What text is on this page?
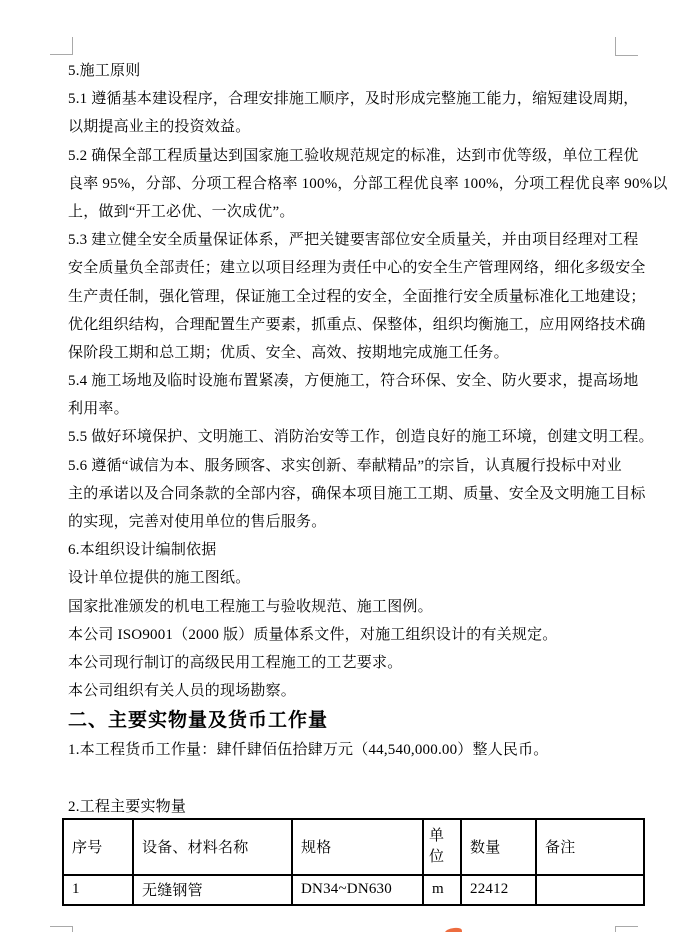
5.施工原则
5.1 遵循基本建设程序，合理安排施工顺序，及时形成完整施工能力，缩短建设周期，
以期提高业主的投资效益。
5.2 确保全部工程质量达到国家施工验收规范规定的标准，达到市优等级，单位工程优
良率 95%，分部、分项工程合格率 100%，分部工程优良率 100%，分项工程优良率 90%以
上，做到“开工必优、一次成优”。
5.3 建立健全安全质量保证体系，严把关键要害部位安全质量关，并由项目经理对工程
安全质量负全部责任；建立以项目经理为责任中心的安全生产管理网络，细化多级安全
生产责任制，强化管理，保证施工全过程的安全，全面推行安全质量标准化工地建设；
优化组织结构，合理配置生产要素，抓重点、保整体，组织均衡施工，应用网络技术确
保阶段工期和总工期；优质、安全、高效、按期地完成施工任务。
5.4 施工场地及临时设施布置紧凑，方便施工，符合环保、安全、防火要求，提高场地
利用率。
5.5 做好环境保护、文明施工、消防治安等工作，创造良好的施工环境，创建文明工程。
5.6 遵循“诚信为本、服务顾客、求实创新、奉献精品”的宗旨，认真履行投标中对业
主的承诺以及合同条款的全部内容，确保本项目施工工期、质量、安全及文明施工目标
的实现，完善对使用单位的售后服务。
6.本组织设计编制依据
设计单位提供的施工图纸。
国家批准颁发的机电工程施工与验收规范、施工图例。
本公司 ISO9001（2000 版）质量体系文件，对施工组织设计的有关规定。
本公司现行制订的高级民用工程施工的工艺要求。
本公司组织有关人员的现场勘察。
二、主要实物量及货币工作量
1.本工程货币工作量：肆仟肆佰伍拾肆万元（44,540,000.00）整人民币。
2.工程主要实物量
序号	设备、材料名称	规格	单位	数量	备注
1	无缝钢管	DN34~DN630	m	22412	
